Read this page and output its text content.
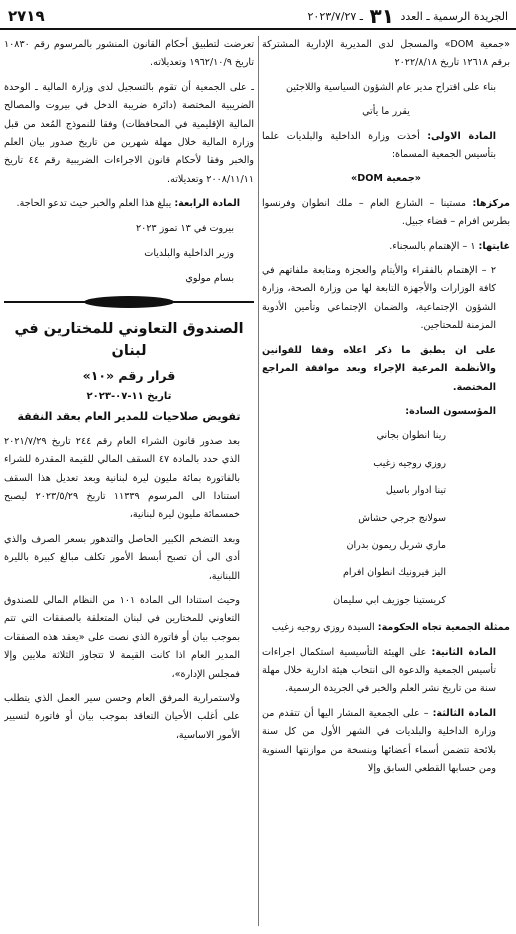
الجريدة الرسمية ـ العدد ٣١ ـ ٢٠٢٣/٧/٢٧
٢٧١٩

«جمعية DOM» والمسجل لدى المديرية الإدارية المشتركة برقم ١٢٦١٨ تاريخ ٢٠٢٢/٨/١٨

بناء على اقتراح مدير عام الشؤون السياسية واللاجئين

يقرر ما يأتي

المادة الاولى: أخذت وزارة الداخلية والبلديات علما بتأسيس الجمعية المسماة:

«جمعية DOM»

مركزها: مستينا – الشارع العام – ملك انطوان وفرنسوا بطرس افرام – قضاء جبيل.

غايتها: ١ – الإهتمام بالسجناء.

٢ – الإهتمام بالفقراء والأيتام والعجزة ومتابعة ملفاتهم في كافة الوزارات والأجهزة التابعة لها من وزارة الصحة، وزارة الشؤون الإجتماعية، والضمان الإجتماعي وتأمين الأدوية المزمنة للمحتاجين.

على ان يطبق ما ذكر اعلاه وفقا للقوانين والأنظمة المرعية الإجراء وبعد موافقة المراجع المختصة.

المؤسسون السادة:

رينا انطوان بجاني

روزي روجيه زغيب

تينا ادوار باسيل

سولانج جرجي حشاش

ماري شربل ريمون بدران

اليز فيرونيك انطوان افرام

كريستينا جوزيف ابي سليمان

ممثلة الجمعية تجاه الحكومة: السيدة روزي روجيه زغيب

المادة الثانية: على الهيئة التأسيسية استكمال اجراءات تأسيس الجمعية والدعوة الى انتخاب هيئة ادارية خلال مهلة سنة من تاريخ نشر العلم والخبر في الجريدة الرسمية.

المادة الثالثة: – على الجمعية المشار اليها أن تتقدم من وزارة الداخلية والبلديات في الشهر الأول من كل سنة بلائحة تتضمن أسماء أعضائها وبنسخة من موازنتها السنوية ومن حسابها القطعي السابق وإلا

تعرضت لتطبيق أحكام القانون المنشور بالمرسوم رقم ١٠٨٣٠ تاريخ ١٩٦٢/١٠/٩ وتعديلاته.

ـ على الجمعية أن تقوم بالتسجيل لدى وزارة المالية ـ الوحدة الضريبية المختصة (دائرة ضريبة الدخل في بيروت والمصالح المالية الإقليمية في المحافظات) وفقا للنموذج المُعد من قبل وزارة المالية خلال مهلة شهرين من تاريخ صدور بيان العلم والخبر وفقا لأحكام قانون الاجراءات الضريبية رقم ٤٤ تاريخ ٢٠٠٨/١١/١١ وتعديلاته.

المادة الرابعة: يبلغ هذا العلم والخبر حيث تدعو الحاجة.

بيروت في ١٣ تموز ٢٠٢٣

وزير الداخلية والبلديات

بسام مولوي

الصندوق التعاوني للمختارين في لبنان
قرار رقم «١٠»
تاريخ ١١-٠٧-٢٠٢٣
تفويض صلاحيات للمدير العام بعقد النفقة

بعد صدور قانون الشراء العام رقم ٢٤٤ تاريخ ٢٠٢١/٧/٢٩ الذي حدد بالمادة ٤٧ السقف المالي للقيمة المقدرة للشراء بالفاتورة بمائة مليون ليرة لبنانية وبعد تعديل هذا السقف استنادا الى المرسوم ١١٣٣٩ تاريخ ٢٠٢٣/٥/٢٩ ليصبح خمسمائة مليون ليرة لبنانية،

وبعد التضخم الكبير الحاصل والتدهور بسعر الصرف والذي أدى الى أن تصبح أبسط الأمور تكلف مبالغ كبيرة بالليرة اللبنانية،

وحيث استنادا الى المادة ١٠١ من النظام المالي للصندوق التعاوني للمختارين في لبنان المتعلقة بالصفقات التي تتم بموجب بيان أو فاتورة الذي نصت على «يعقد هذه الصفقات المدير العام اذا كانت القيمة لا تتجاوز الثلاثة ملايين وإلا فمجلس الإدارة»،

ولاستمرارية المرفق العام وحسن سير العمل الذي يتطلب على أغلب الأحيان التعاقد بموجب بيان أو فاتورة لتسيير الأمور الاساسية،
